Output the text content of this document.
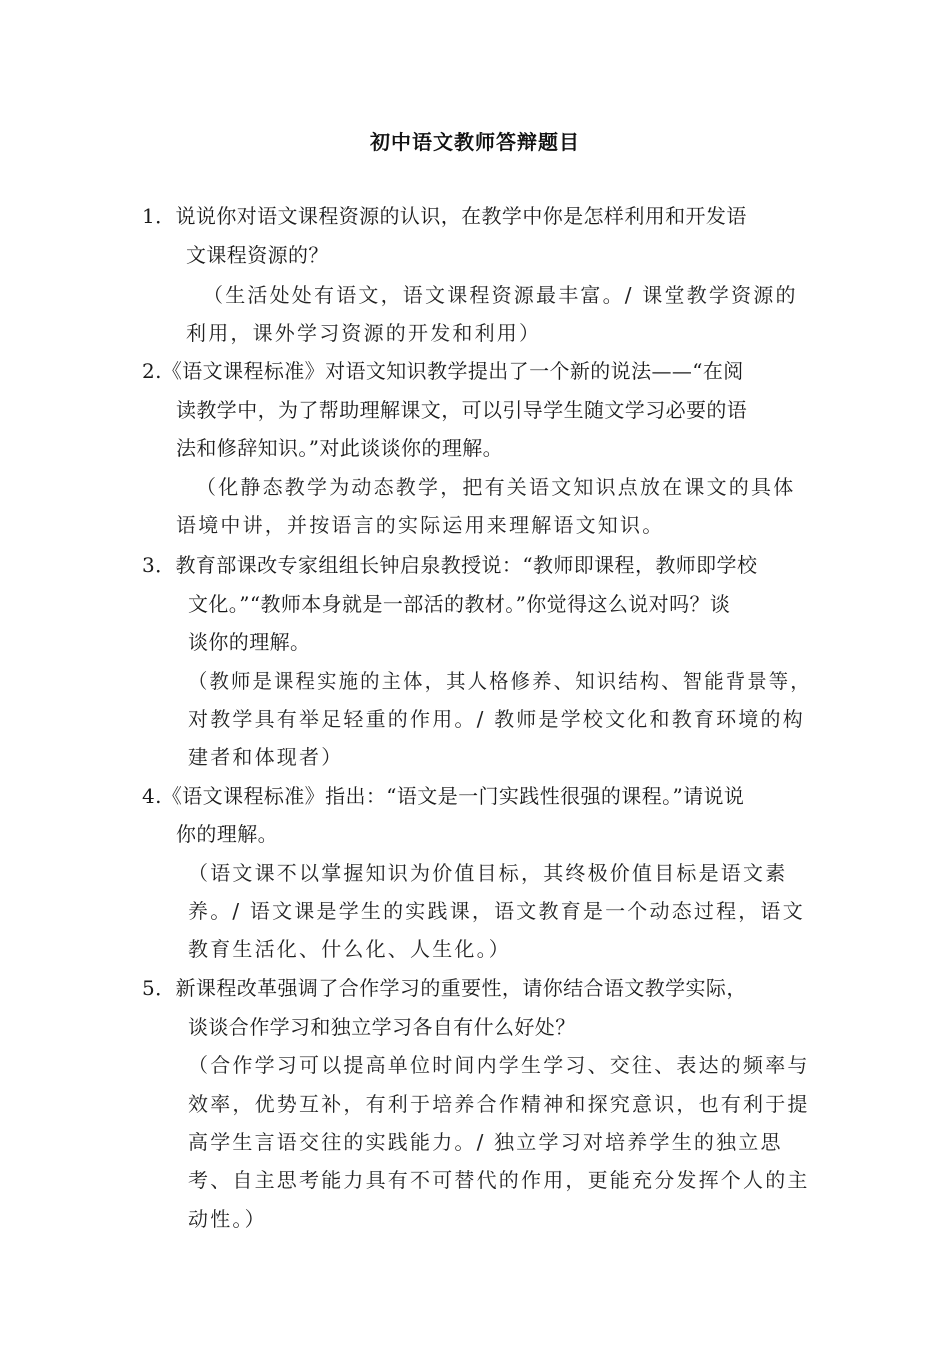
初中语文教师答辩题目
1．说说你对语文课程资源的认识，在教学中你是怎样利用和开发语
文课程资源的？
（生活处处有语文，语文课程资源最丰富。/ 课堂教学资源的
利用，课外学习资源的开发和利用）
2.《语文课程标准》对语文知识教学提出了一个新的说法——“在阅
读教学中，为了帮助理解课文，可以引导学生随文学习必要的语
法和修辞知识。”对此谈谈你的理解。
（化静态教学为动态教学，把有关语文知识点放在课文的具体
语境中讲，并按语言的实际运用来理解语文知识。
3．教育部课改专家组组长钟启泉教授说：“教师即课程，教师即学校
文化。”“教师本身就是一部活的教材。”你觉得这么说对吗？谈
谈你的理解。
（教师是课程实施的主体，其人格修养、知识结构、智能背景等，
对教学具有举足轻重的作用。/ 教师是学校文化和教育环境的构
建者和体现者）
4.《语文课程标准》指出：“语文是一门实践性很强的课程。”请说说
你的理解。
（语文课不以掌握知识为价值目标，其终极价值目标是语文素
养。/ 语文课是学生的实践课，语文教育是一个动态过程，语文
教育生活化、什么化、人生化。）
5．新课程改革强调了合作学习的重要性，请你结合语文教学实际，
谈谈合作学习和独立学习各自有什么好处？
（合作学习可以提高单位时间内学生学习、交往、表达的频率与
效率，优势互补，有利于培养合作精神和探究意识，也有利于提
高学生言语交往的实践能力。/ 独立学习对培养学生的独立思
考、自主思考能力具有不可替代的作用，更能充分发挥个人的主
动性。）
